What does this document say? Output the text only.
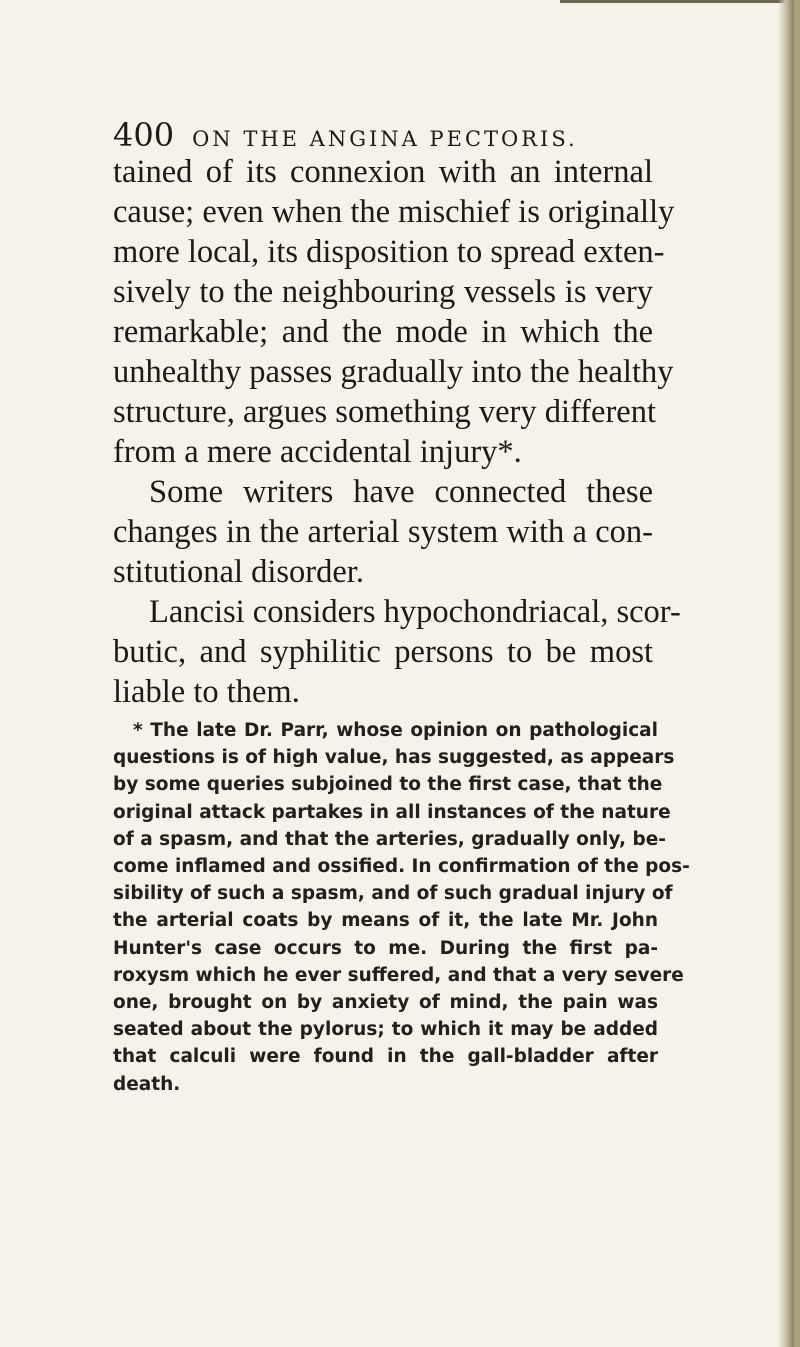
400 ON THE ANGINA PECTORIS.
tained of its connexion with an internal
cause; even when the mischief is originally
more local, its disposition to spread exten-
sively to the neighbouring vessels is very
remarkable; and the mode in which the
unhealthy passes gradually into the healthy
structure, argues something very different
from a mere accidental injury*.
Some writers have connected these
changes in the arterial system with a con-
stitutional disorder.
Lancisi considers hypochondriacal, scor-
butic, and syphilitic persons to be most
liable to them.
* The late Dr. Parr, whose opinion on pathological
questions is of high value, has suggested, as appears
by some queries subjoined to the first case, that the
original attack partakes in all instances of the nature
of a spasm, and that the arteries, gradually only, be-
come inflamed and ossified. In confirmation of the pos-
sibility of such a spasm, and of such gradual injury of
the arterial coats by means of it, the late Mr. John
Hunter's case occurs to me. During the first pa-
roxysm which he ever suffered, and that a very severe
one, brought on by anxiety of mind, the pain was
seated about the pylorus; to which it may be added
that calculi were found in the gall-bladder after
death.
